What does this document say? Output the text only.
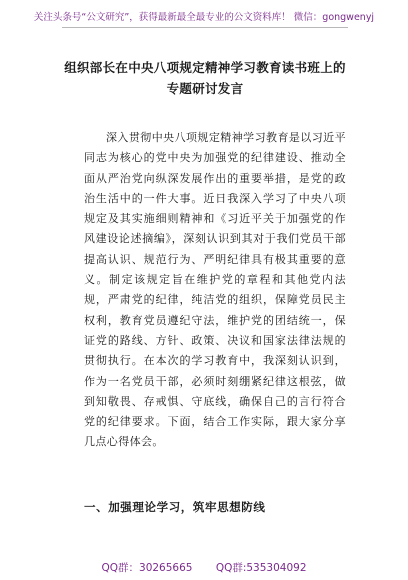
关注头条号“公文研究”，获得最新最全最专业的公文资料库！ 微信：gongwenyj
组织部长在中央八项规定精神学习教育读书班上的专题研讨发言
深入贯彻中央八项规定精神学习教育是以习近平同志为核心的党中央为加强党的纪律建设、推动全面从严治党向纵深发展作出的重要举措，是党的政治生活中的一件大事。近日我深入学习了中央八项规定及其实施细则精神和《习近平关于加强党的作风建设论述摘编》，深刻认识到其对于我们党员干部提高认识、规范行为、严明纪律具有极其重要的意义。制定该规定旨在维护党的章程和其他党内法规，严肃党的纪律，纯洁党的组织，保障党员民主权利，教育党员遵纪守法，维护党的团结统一，保证党的路线、方针、政策、决议和国家法律法规的贯彻执行。在本次的学习教育中，我深刻认识到，作为一名党员干部，必须时刻绷紧纪律这根弦，做到知敬畏、存戒惧、守底线，确保自己的言行符合党的纪律要求。下面，结合工作实际，跟大家分享几点心得体会。
一、加强理论学习，筑牢思想防线
QQ群：30265665 QQ群:535304092
